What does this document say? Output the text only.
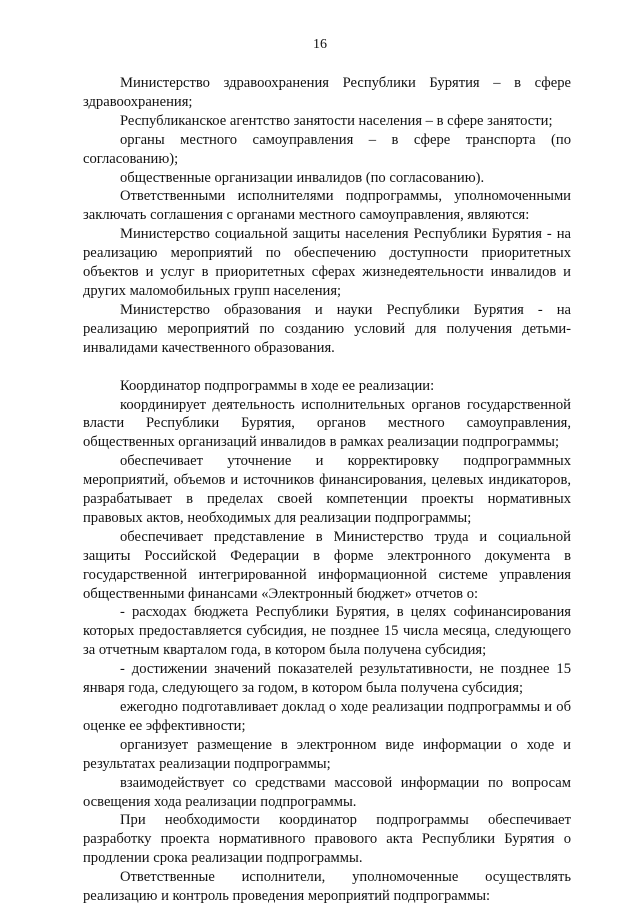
16

Министерство здравоохранения Республики Бурятия – в сфере здравоохранения;

Республиканское агентство занятости населения – в сфере занятости;

органы местного самоуправления – в сфере транспорта (по согласованию);

общественные организации инвалидов (по согласованию).

Ответственными исполнителями подпрограммы, уполномоченными заключать соглашения с органами местного самоуправления, являются:

Министерство социальной защиты населения Республики Бурятия - на реализацию мероприятий по обеспечению доступности приоритетных объектов и услуг в приоритетных сферах жизнедеятельности инвалидов и других маломобильных групп населения;

Министерство образования и науки Республики Бурятия - на реализацию мероприятий по созданию условий для получения детьми-инвалидами качественного образования.

Координатор подпрограммы в ходе ее реализации:

координирует деятельность исполнительных органов государственной власти Республики Бурятия, органов местного самоуправления, общественных организаций инвалидов в рамках реализации подпрограммы;

обеспечивает уточнение и корректировку подпрограммных мероприятий, объемов и источников финансирования, целевых индикаторов, разрабатывает в пределах своей компетенции проекты нормативных правовых актов, необходимых для реализации подпрограммы;

обеспечивает представление в Министерство труда и социальной защиты Российской Федерации в форме электронного документа в государственной интегрированной информационной системе управления общественными финансами «Электронный бюджет» отчетов о:

- расходах бюджета Республики Бурятия, в целях софинансирования которых предоставляется субсидия, не позднее 15 числа месяца, следующего за отчетным кварталом года, в котором была получена субсидия;

- достижении значений показателей результативности, не позднее 15 января года, следующего за годом, в котором была получена субсидия;

ежегодно подготавливает доклад о ходе реализации подпрограммы и об оценке ее эффективности;

организует размещение в электронном виде информации о ходе и результатах реализации подпрограммы;

взаимодействует со средствами массовой информации по вопросам освещения хода реализации подпрограммы.

При необходимости координатор подпрограммы обеспечивает разработку проекта нормативного правового акта Республики Бурятия о продлении срока реализации подпрограммы.

Ответственные исполнители, уполномоченные осуществлять реализацию и контроль проведения мероприятий подпрограммы:
